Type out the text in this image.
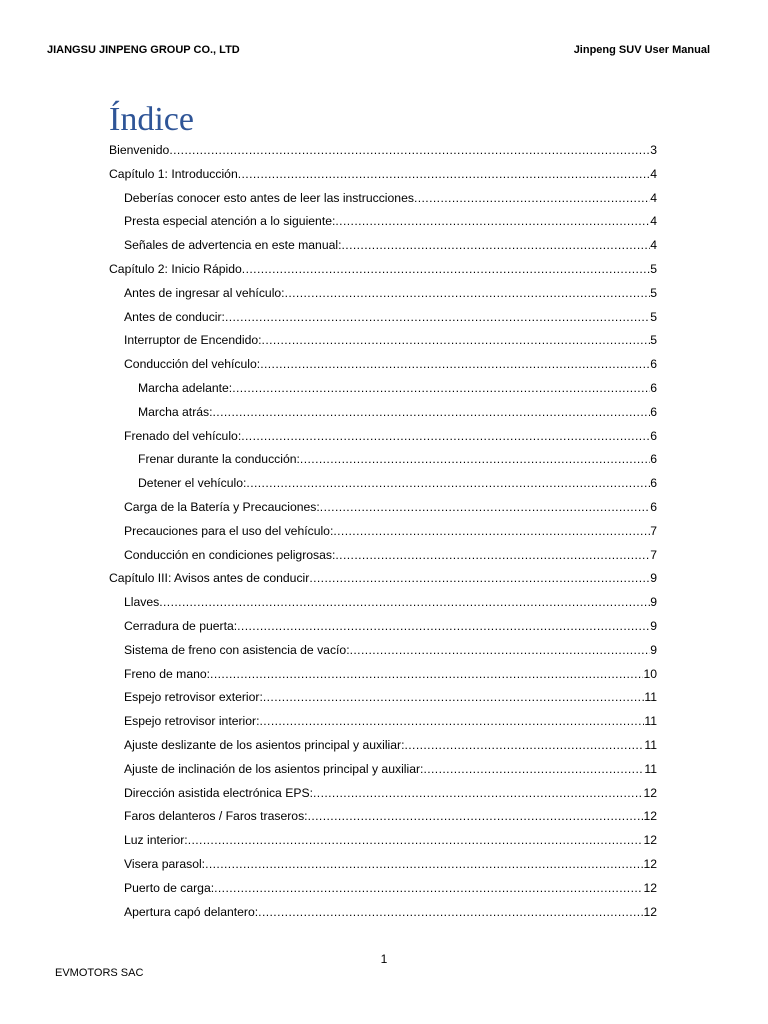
JIANGSU JINPENG GROUP CO., LTD	Jinpeng SUV User Manual
Índice
Bienvenido .....	3
Capítulo 1: Introducción .....	4
Deberías conocer esto antes de leer las instrucciones .....	4
Presta especial atención a lo siguiente: .....	4
Señales de advertencia en este manual: .....	4
Capítulo 2: Inicio Rápido .....	5
Antes de ingresar al vehículo: .....	5
Antes de conducir: .....	5
Interruptor de Encendido: .....	5
Conducción del vehículo: .....	6
Marcha adelante: .....	6
Marcha atrás: .....	6
Frenado del vehículo: .....	6
Frenar durante la conducción: .....	6
Detener el vehículo: .....	6
Carga de la Batería y Precauciones: .....	6
Precauciones para el uso del vehículo: .....	7
Conducción en condiciones peligrosas: .....	7
Capítulo III: Avisos antes de conducir .....	9
Llaves .....	9
Cerradura de puerta: .....	9
Sistema de freno con asistencia de vacío: .....	9
Freno de mano: .....	10
Espejo retrovisor exterior: .....	11
Espejo retrovisor interior: .....	11
Ajuste deslizante de los asientos principal y auxiliar: .....	11
Ajuste de inclinación de los asientos principal y auxiliar: .....	11
Dirección asistida electrónica EPS: .....	12
Faros delanteros / Faros traseros: .....	12
Luz interior: .....	12
Visera parasol: .....	12
Puerto de carga: .....	12
Apertura capó delantero: .....	12
1
EVMOTORS SAC
